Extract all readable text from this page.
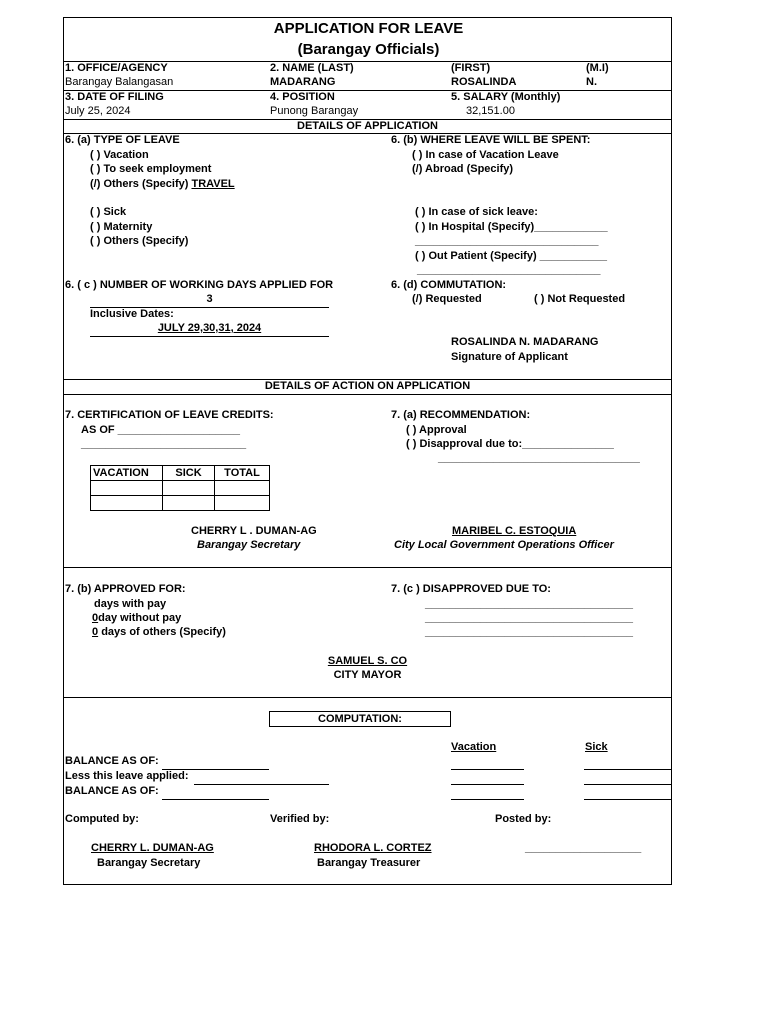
APPLICATION FOR LEAVE
(Barangay Officials)
1. OFFICE/AGENCY	2. NAME (LAST)	(FIRST)	(M.I)
Barangay Balangasan	MADARANG	ROSALINDA	N.
3. DATE OF FILING	4. POSITION	5. SALARY (Monthly)
July 25, 2024	Punong Barangay	32,151.00
DETAILS OF APPLICATION
6. (a) TYPE OF LEAVE
( ) Vacation
( ) To seek employment
(/) Others (Specify) TRAVEL
( ) Sick
( ) Maternity
( ) Others (Specify)
6. (b) WHERE LEAVE WILL BE SPENT:
( ) In case of Vacation Leave
(/) Abroad (Specify)
( ) In case of sick leave:
( ) In Hospital (Specify)____________
______________________________
( ) Out Patient (Specify) ___________
______________________________
6. ( c ) NUMBER OF WORKING DAYS APPLIED FOR
3
Inclusive Dates:
JULY 29,30,31, 2024
6. (d) COMMUTATION:
(/) Requested	( ) Not Requested
ROSALINDA N. MADARANG
Signature of Applicant
DETAILS OF ACTION ON APPLICATION
7. CERTIFICATION OF LEAVE CREDITS:
AS OF ____________________
___________________________
VACATION	SICK	TOTAL

7. (a) RECOMMENDATION:
( ) Approval
( ) Disapproval due to:_______________
_________________________________
CHERRY L . DUMAN-AG
Barangay Secretary
MARIBEL C. ESTOQUIA
City Local Government Operations Officer
7. (b) APPROVED FOR:
days with pay
0day without pay
0 days of others (Specify)
7. (c ) DISAPPROVED DUE TO:
__________________________________
__________________________________
__________________________________
SAMUEL S. CO
CITY MAYOR
COMPUTATION:
Vacation	Sick
BALANCE AS OF:
Less this leave applied:
BALANCE AS OF:
Computed by:	Verified by:	Posted by:
CHERRY L. DUMAN-AG
Barangay Secretary
RHODORA L. CORTEZ
Barangay Treasurer
___________________
